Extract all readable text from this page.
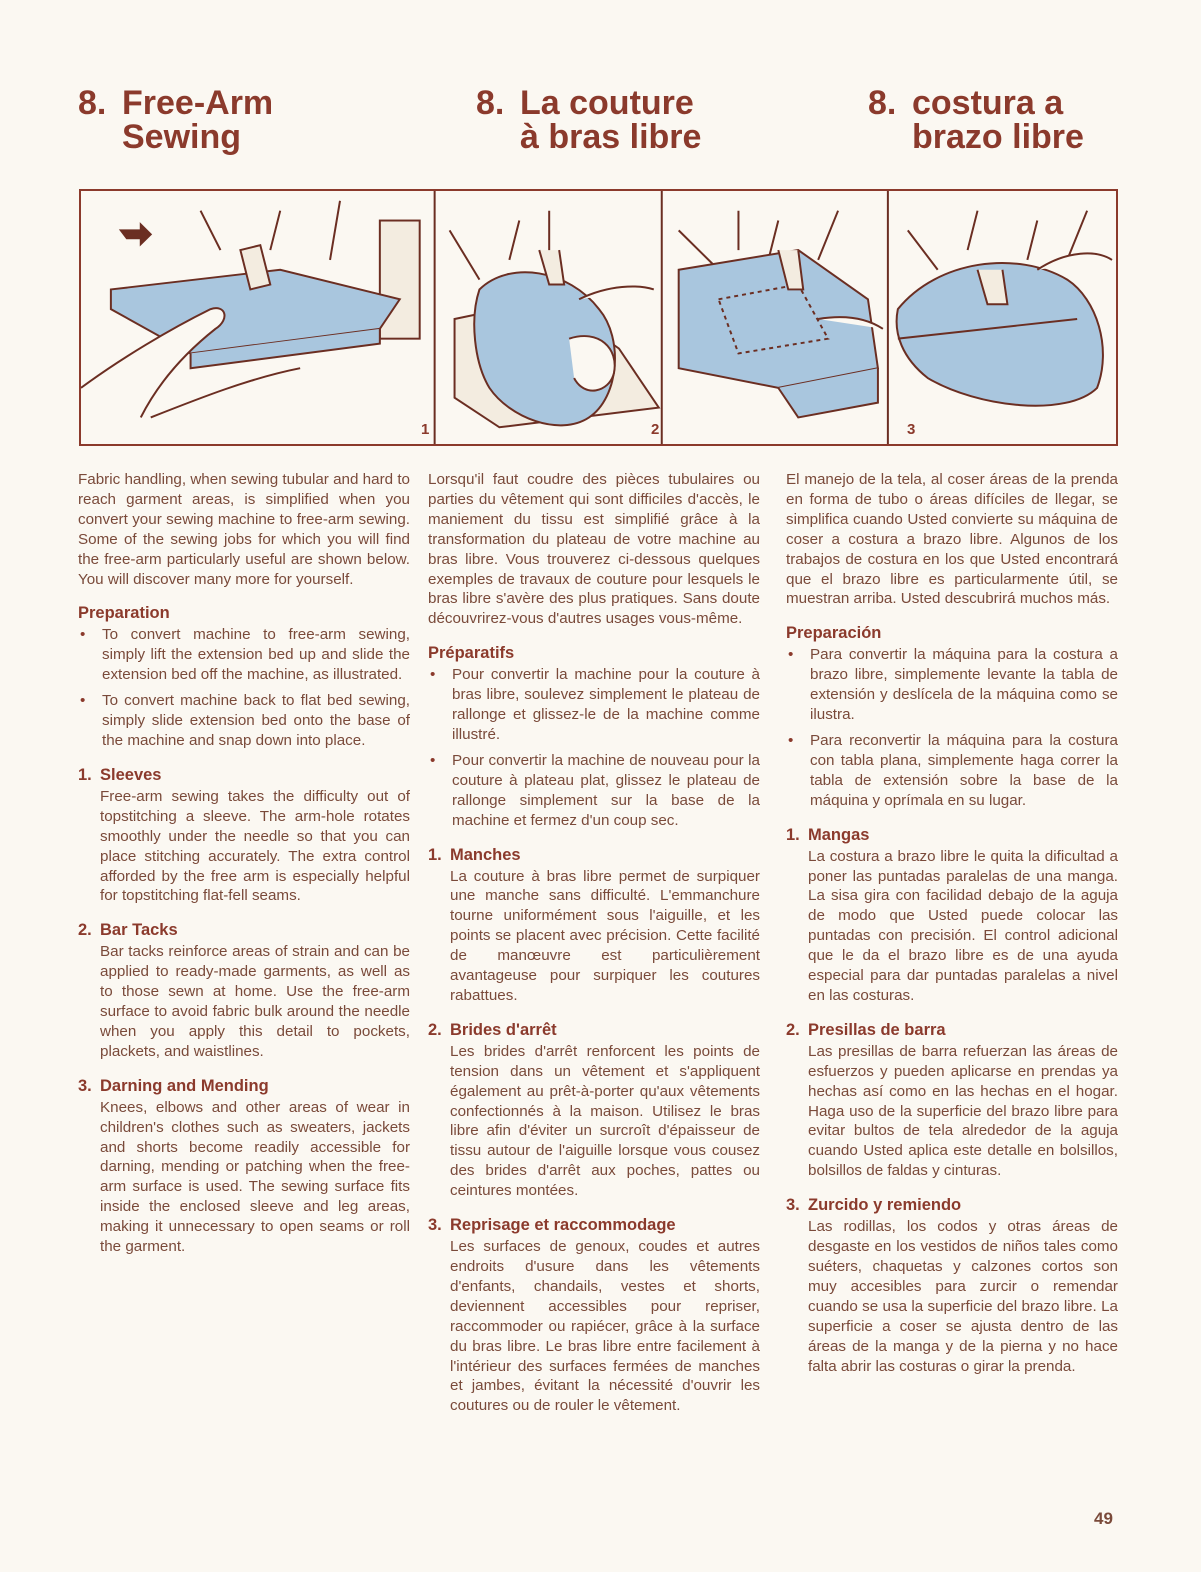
8. Free-Arm
Sewing
8. La couture
à bras libre
8. costura a
brazo libre
1	2	3

Fabric handling, when sewing tubular and hard to reach garment areas, is simplified when you convert your sewing machine to free-arm sewing. Some of the sewing jobs for which you will find the free-arm particularly useful are shown below. You will discover many more for yourself.

Preparation
• To convert machine to free-arm sewing, simply lift the extension bed up and slide the extension bed off the machine, as illustrated.
• To convert machine back to flat bed sewing, simply slide extension bed onto the base of the machine and snap down into place.
1. Sleeves

Free-arm sewing takes the difficulty out of topstitching a sleeve. The arm-hole rotates smoothly under the needle so that you can place stitching accurately. The extra control afforded by the free arm is especially helpful for topstitching flat-fell seams.

2. Bar Tacks

Bar tacks reinforce areas of strain and can be applied to ready-made garments, as well as to those sewn at home. Use the free-arm surface to avoid fabric bulk around the needle when you apply this detail to pockets, plackets, and waistlines.

3. Darning and Mending

Knees, elbows and other areas of wear in children's clothes such as sweaters, jackets and shorts become readily accessible for darning, mending or patching when the free-arm surface is used. The sewing surface fits inside the enclosed sleeve and leg areas, making it unnecessary to open seams or roll the garment.

Lorsqu'il faut coudre des pièces tubulaires ou parties du vêtement qui sont difficiles d'accès, le maniement du tissu est simplifié grâce à la transformation du plateau de votre machine au bras libre. Vous trouverez ci-dessous quelques exemples de travaux de couture pour lesquels le bras libre s'avère des plus pratiques. Sans doute découvrirez-vous d'autres usages vous-même.

Préparatifs
• Pour convertir la machine pour la couture à bras libre, soulevez simplement le plateau de rallonge et glissez-le de la machine comme illustré.
• Pour convertir la machine de nouveau pour la couture à plateau plat, glissez le plateau de rallonge simplement sur la base de la machine et fermez d'un coup sec.
1. Manches

La couture à bras libre permet de surpiquer une manche sans difficulté. L'emmanchure tourne uniformément sous l'aiguille, et les points se placent avec précision. Cette facilité de manœuvre est particulièrement avantageuse pour surpiquer les coutures rabattues.

2. Brides d'arrêt

Les brides d'arrêt renforcent les points de tension dans un vêtement et s'appliquent également au prêt-à-porter qu'aux vêtements confectionnés à la maison. Utilisez le bras libre afin d'éviter un surcroît d'épaisseur de tissu autour de l'aiguille lorsque vous cousez des brides d'arrêt aux poches, pattes ou ceintures montées.

3. Reprisage et raccommodage

Les surfaces de genoux, coudes et autres endroits d'usure dans les vêtements d'enfants, chandails, vestes et shorts, deviennent accessibles pour repriser, raccommoder ou rapiécer, grâce à la surface du bras libre. Le bras libre entre facilement à l'intérieur des surfaces fermées de manches et jambes, évitant la nécessité d'ouvrir les coutures ou de rouler le vêtement.

El manejo de la tela, al coser áreas de la prenda en forma de tubo o áreas difíciles de llegar, se simplifica cuando Usted convierte su máquina de coser a costura a brazo libre. Algunos de los trabajos de costura en los que Usted encontrará que el brazo libre es particularmente útil, se muestran arriba. Usted descubrirá muchos más.

Preparación
• Para convertir la máquina para la costura a brazo libre, simplemente levante la tabla de extensión y deslícela de la máquina como se ilustra.
• Para reconvertir la máquina para la costura con tabla plana, simplemente haga correr la tabla de extensión sobre la base de la máquina y oprímala en su lugar.
1. Mangas

La costura a brazo libre le quita la dificultad a poner las puntadas paralelas de una manga. La sisa gira con facilidad debajo de la aguja de modo que Usted puede colocar las puntadas con precisión. El control adicional que le da el brazo libre es de una ayuda especial para dar puntadas paralelas a nivel en las costuras.

2. Presillas de barra

Las presillas de barra refuerzan las áreas de esfuerzos y pueden aplicarse en prendas ya hechas así como en las hechas en el hogar. Haga uso de la superficie del brazo libre para evitar bultos de tela alrededor de la aguja cuando Usted aplica este detalle en bolsillos, bolsillos de faldas y cinturas.

3. Zurcido y remiendo

Las rodillas, los codos y otras áreas de desgaste en los vestidos de niños tales como suéters, chaquetas y calzones cortos son muy accesibles para zurcir o remendar cuando se usa la superficie del brazo libre. La superficie a coser se ajusta dentro de las áreas de la manga y de la pierna y no hace falta abrir las costuras o girar la prenda.

49
